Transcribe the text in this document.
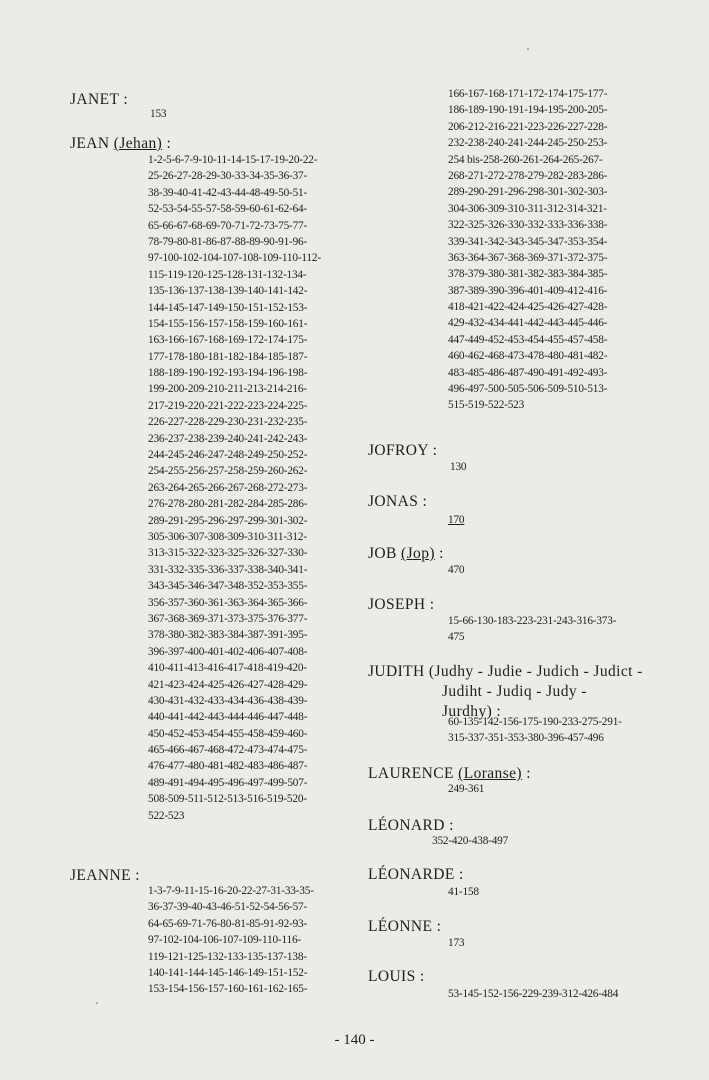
JANET :
153
JEAN (Jehan) :
1-2-5-6-7-9-10-11-14-15-17-19-20-22-
25-26-27-28-29-30-33-34-35-36-37-
38-39-40-41-42-43-44-48-49-50-51-
52-53-54-55-57-58-59-60-61-62-64-
65-66-67-68-69-70-71-72-73-75-77-
78-79-80-81-86-87-88-89-90-91-96-
97-100-102-104-107-108-109-110-112-
115-119-120-125-128-131-132-134-
135-136-137-138-139-140-141-142-
144-145-147-149-150-151-152-153-
154-155-156-157-158-159-160-161-
163-166-167-168-169-172-174-175-
177-178-180-181-182-184-185-187-
188-189-190-192-193-194-196-198-
199-200-209-210-211-213-214-216-
217-219-220-221-222-223-224-225-
226-227-228-229-230-231-232-235-
236-237-238-239-240-241-242-243-
244-245-246-247-248-249-250-252-
254-255-256-257-258-259-260-262-
263-264-265-266-267-268-272-273-
276-278-280-281-282-284-285-286-
289-291-295-296-297-299-301-302-
305-306-307-308-309-310-311-312-
313-315-322-323-325-326-327-330-
331-332-335-336-337-338-340-341-
343-345-346-347-348-352-353-355-
356-357-360-361-363-364-365-366-
367-368-369-371-373-375-376-377-
378-380-382-383-384-387-391-395-
396-397-400-401-402-406-407-408-
410-411-413-416-417-418-419-420-
421-423-424-425-426-427-428-429-
430-431-432-433-434-436-438-439-
440-441-442-443-444-446-447-448-
450-452-453-454-455-458-459-460-
465-466-467-468-472-473-474-475-
476-477-480-481-482-483-486-487-
489-491-494-495-496-497-499-507-
508-509-511-512-513-516-519-520-
522-523
JEANNE :
1-3-7-9-11-15-16-20-22-27-31-33-35-
36-37-39-40-43-46-51-52-54-56-57-
64-65-69-71-76-80-81-85-91-92-93-
97-102-104-106-107-109-110-116-
119-121-125-132-133-135-137-138-
140-141-144-145-146-149-151-152-
153-154-156-157-160-161-162-165-
166-167-168-171-172-174-175-177-
186-189-190-191-194-195-200-205-
206-212-216-221-223-226-227-228-
232-238-240-241-244-245-250-253-
254 bis-258-260-261-264-265-267-
268-271-272-278-279-282-283-286-
289-290-291-296-298-301-302-303-
304-306-309-310-311-312-314-321-
322-325-326-330-332-333-336-338-
339-341-342-343-345-347-353-354-
363-364-367-368-369-371-372-375-
378-379-380-381-382-383-384-385-
387-389-390-396-401-409-412-416-
418-421-422-424-425-426-427-428-
429-432-434-441-442-443-445-446-
447-449-452-453-454-455-457-458-
460-462-468-473-478-480-481-482-
483-485-486-487-490-491-492-493-
496-497-500-505-506-509-510-513-
515-519-522-523
JOFROY :
130
JONAS :
170
JOB (Jop) :
470
JOSEPH :
15-66-130-183-223-231-243-316-373-
475
JUDITH (Judhy - Judie - Judich - Judict -
Judiht - Judiq - Judy -
Jurdhy) :
60-135-142-156-175-190-233-275-291-
315-337-351-353-380-396-457-496
LAURENCE (Loranse) :
249-361
LÉONARD :
352-420-438-497
LÉONARDE :
41-158
LÉONNE :
173
LOUIS :
53-145-152-156-229-239-312-426-484
- 140 -
